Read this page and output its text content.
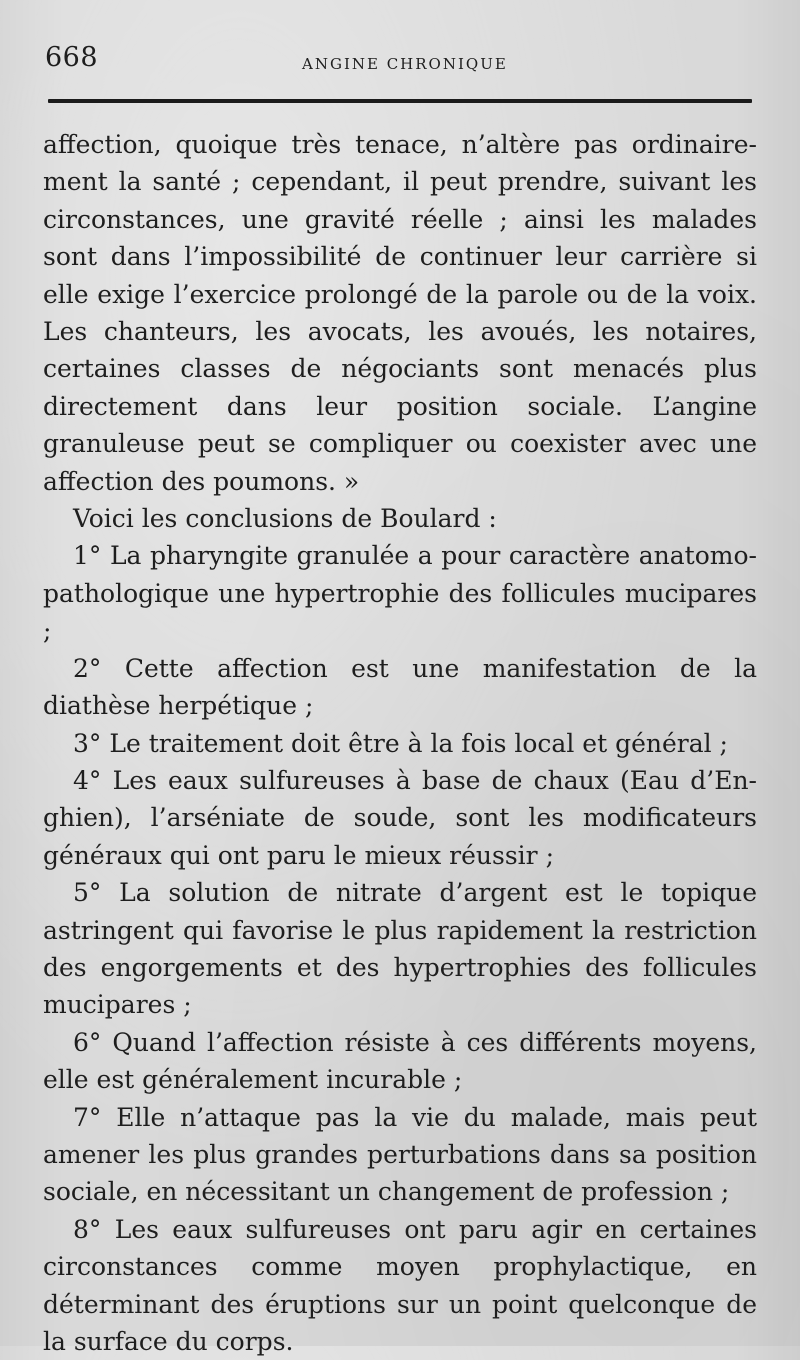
668	ANGINE CHRONIQUE

affection, quoique très tenace, n’altère pas ordinairement la santé ; cependant, il peut prendre, suivant les circonstances, une gravité réelle ; ainsi les malades sont dans l’impossibilité de continuer leur carrière si elle exige l’exercice prolongé de la parole ou de la voix. Les chanteurs, les avocats, les avoués, les notaires, certaines classes de négociants sont menacés plus directement dans leur position sociale. L’angine granuleuse peut se compliquer ou coexister avec une affection des poumons. »

Voici les conclusions de Boulard :

1° La pharyngite granulée a pour caractère anatomopathologique une hypertrophie des follicules mucipares ;

2° Cette affection est une manifestation de la diathèse herpétique ;

3° Le traitement doit être à la fois local et général ;

4° Les eaux sulfureuses à base de chaux (Eau d’Enghien), l’arséniate de soude, sont les modificateurs généraux qui ont paru le mieux réussir ;

5° La solution de nitrate d’argent est le topique astringent qui favorise le plus rapidement la restriction des engorgements et des hypertrophies des follicules mucipares ;

6° Quand l’affection résiste à ces différents moyens, elle est généralement incurable ;

7° Elle n’attaque pas la vie du malade, mais peut amener les plus grandes perturbations dans sa position sociale, en nécessitant un changement de profession ;

8° Les eaux sulfureuses ont paru agir en certaines circonstances comme moyen prophylactique, en déterminant des éruptions sur un point quelconque de la surface du corps.
